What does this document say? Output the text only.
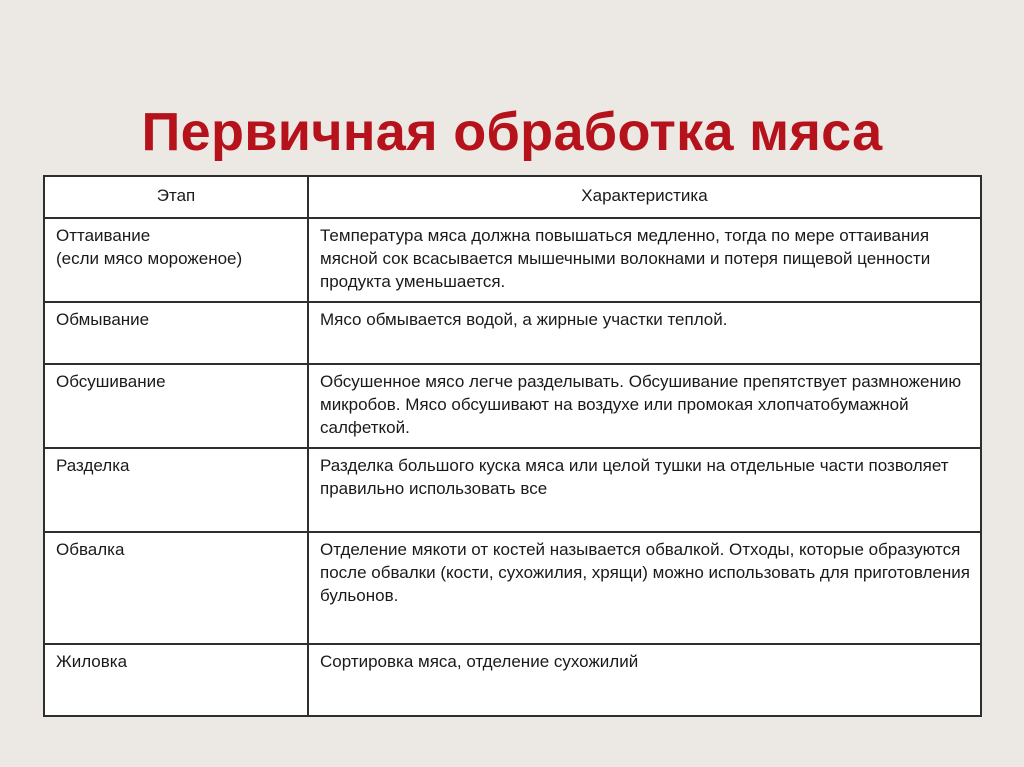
Первичная обработка мяса
Этап	Характеристика

Оттаивание
(если мясо мороженое)	Температура мяса должна повышаться медленно, тогда по мере оттаивания мясной сок всасывается мышечными волокнами и потеря пищевой ценности продукта уменьшается.
Обмывание	Мясо обмывается водой, а жирные участки теплой.
Обсушивание	Обсушенное мясо легче разделывать. Обсушивание препятствует размножению микробов. Мясо обсушивают на воздухе или промокая хлопчатобумажной салфеткой.
Разделка	Разделка большого куска мяса или целой тушки на отдельные части позволяет правильно использовать все
Обвалка	Отделение мякоти от костей называется обвалкой. Отходы, которые образуются после обвалки (кости, сухожилия, хрящи) можно использовать для приготовления бульонов.
Жиловка	Сортировка мяса, отделение сухожилий
